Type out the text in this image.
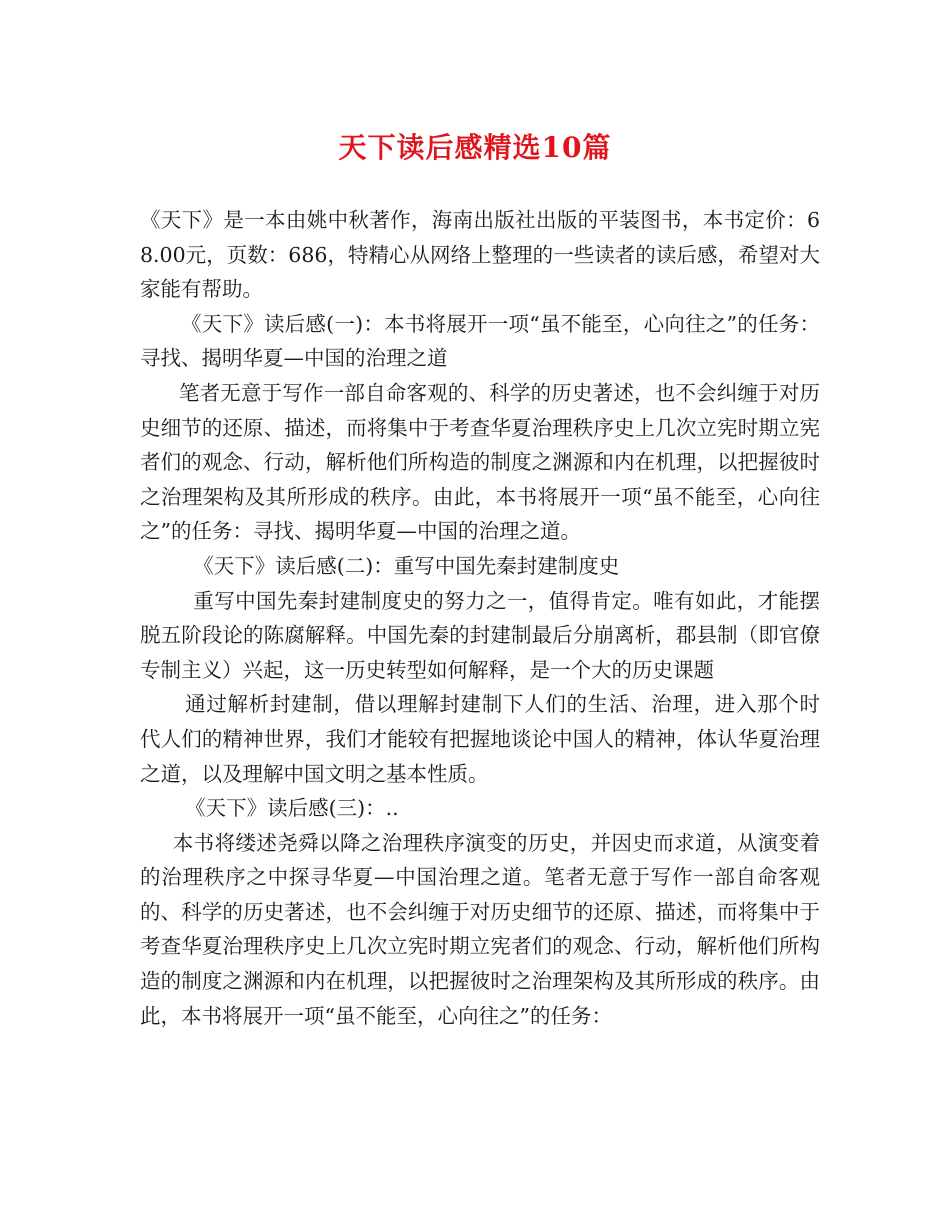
天下读后感精选10篇

《天下》是一本由姚中秋著作，海南出版社出版的平装图书，本书定价：68.00元，页数：686，特精心从网络上整理的一些读者的读后感，希望对大家能有帮助。

《天下》读后感(一)：本书将展开一项“虽不能至，心向往之”的任务：寻找、揭明华夏—中国的治理之道

笔者无意于写作一部自命客观的、科学的历史著述，也不会纠缠于对历史细节的还原、描述，而将集中于考查华夏治理秩序史上几次立宪时期立宪者们的观念、行动，解析他们所构造的制度之渊源和内在机理，以把握彼时之治理架构及其所形成的秩序。由此，本书将展开一项“虽不能至，心向往之”的任务：寻找、揭明华夏—中国的治理之道。

《天下》读后感(二)：重写中国先秦封建制度史

重写中国先秦封建制度史的努力之一，值得肯定。唯有如此，才能摆脱五阶段论的陈腐解释。中国先秦的封建制最后分崩离析，郡县制（即官僚专制主义）兴起，这一历史转型如何解释，是一个大的历史课题

通过解析封建制，借以理解封建制下人们的生活、治理，进入那个时代人们的精神世界，我们才能较有把握地谈论中国人的精神，体认华夏治理之道，以及理解中国文明之基本性质。

《天下》读后感(三)：..

本书将缕述尧舜以降之治理秩序演变的历史，并因史而求道，从演变着的治理秩序之中探寻华夏—中国治理之道。笔者无意于写作一部自命客观的、科学的历史著述，也不会纠缠于对历史细节的还原、描述，而将集中于考查华夏治理秩序史上几次立宪时期立宪者们的观念、行动，解析他们所构造的制度之渊源和内在机理，以把握彼时之治理架构及其所形成的秩序。由此，本书将展开一项“虽不能至，心向往之”的任务：
